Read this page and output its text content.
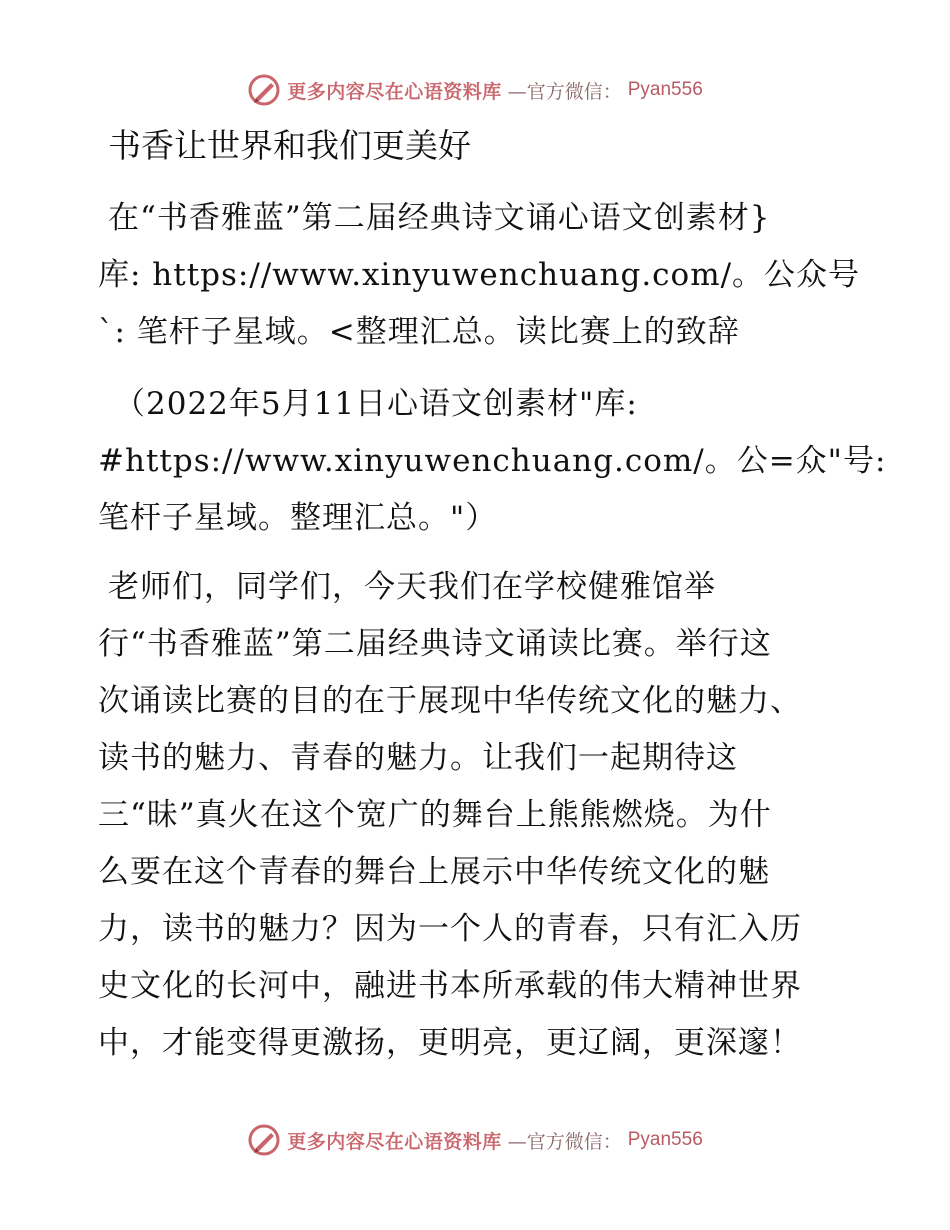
更多内容尽在心语资料库 —官方微信： Pyan556
书香让世界和我们更美好
在“书香雅蓝”第二届经典诗文诵心语文创素材}
库: https://www.xinyuwenchuang.com/。公众号
`: 笔杆子星域。<整理汇总。读比赛上的致辞
（2022年5月11日心语文创素材"库:
#https://www.xinyuwenchuang.com/。公=众"号:
笔杆子星域。整理汇总。"）
老师们，同学们，今天我们在学校健雅馆举
行“书香雅蓝”第二届经典诗文诵读比赛。举行这
次诵读比赛的目的在于展现中华传统文化的魅力、
读书的魅力、青春的魅力。让我们一起期待这
三“昧”真火在这个宽广的舞台上熊熊燃烧。为什
么要在这个青春的舞台上展示中华传统文化的魅
力，读书的魅力？因为一个人的青春，只有汇入历
史文化的长河中，融进书本所承载的伟大精神世界
中，才能变得更激扬，更明亮，更辽阔，更深邃！
更多内容尽在心语资料库 —官方微信： Pyan556
